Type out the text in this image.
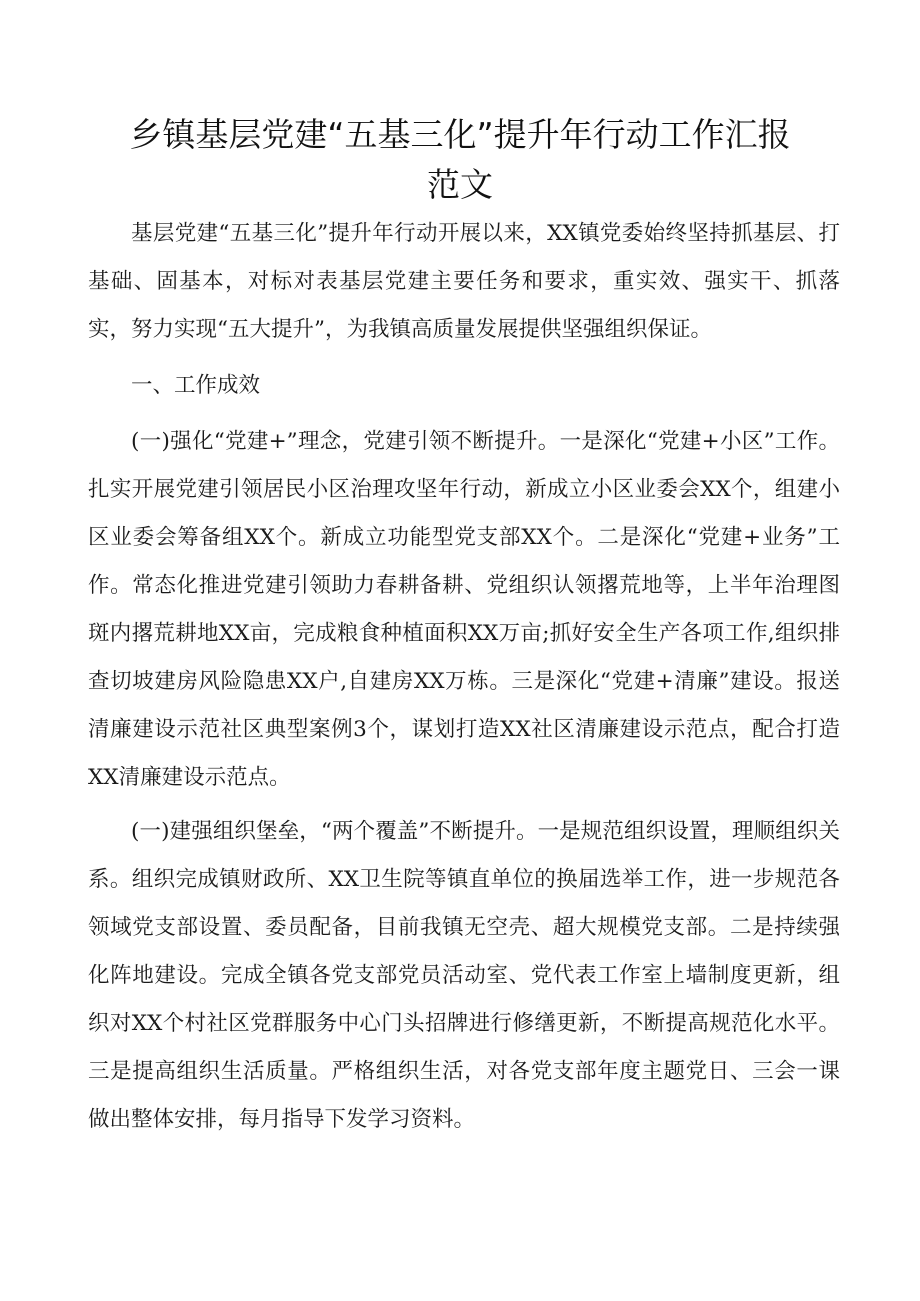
乡镇基层党建“五基三化”提升年行动工作汇报
范文

基层党建“五基三化”提升年行动开展以来，XX镇党委始终坚持抓基层、打基础、固基本，对标对表基层党建主要任务和要求，重实效、强实干、抓落实，努力实现“五大提升”，为我镇高质量发展提供坚强组织保证。

一、工作成效

(一)强化“党建+”理念，党建引领不断提升。一是深化“党建+小区”工作。扎实开展党建引领居民小区治理攻坚年行动，新成立小区业委会XX个，组建小区业委会筹备组XX个。新成立功能型党支部XX个。二是深化“党建+业务”工作。常态化推进党建引领助力春耕备耕、党组织认领撂荒地等，上半年治理图斑内撂荒耕地XX亩，完成粮食种植面积XX万亩;抓好安全生产各项工作,组织排查切坡建房风险隐患XX户,自建房XX万栋。三是深化“党建+清廉”建设。报送清廉建设示范社区典型案例3个，谋划打造XX社区清廉建设示范点，配合打造XX清廉建设示范点。

(一)建强组织堡垒，“两个覆盖”不断提升。一是规范组织设置，理顺组织关系。组织完成镇财政所、XX卫生院等镇直单位的换届选举工作，进一步规范各领域党支部设置、委员配备，目前我镇无空壳、超大规模党支部。二是持续强化阵地建设。完成全镇各党支部党员活动室、党代表工作室上墙制度更新，组织对XX个村社区党群服务中心门头招牌进行修缮更新，不断提高规范化水平。三是提高组织生活质量。严格组织生活，对各党支部年度主题党日、三会一课做出整体安排，每月指导下发学习资料。
